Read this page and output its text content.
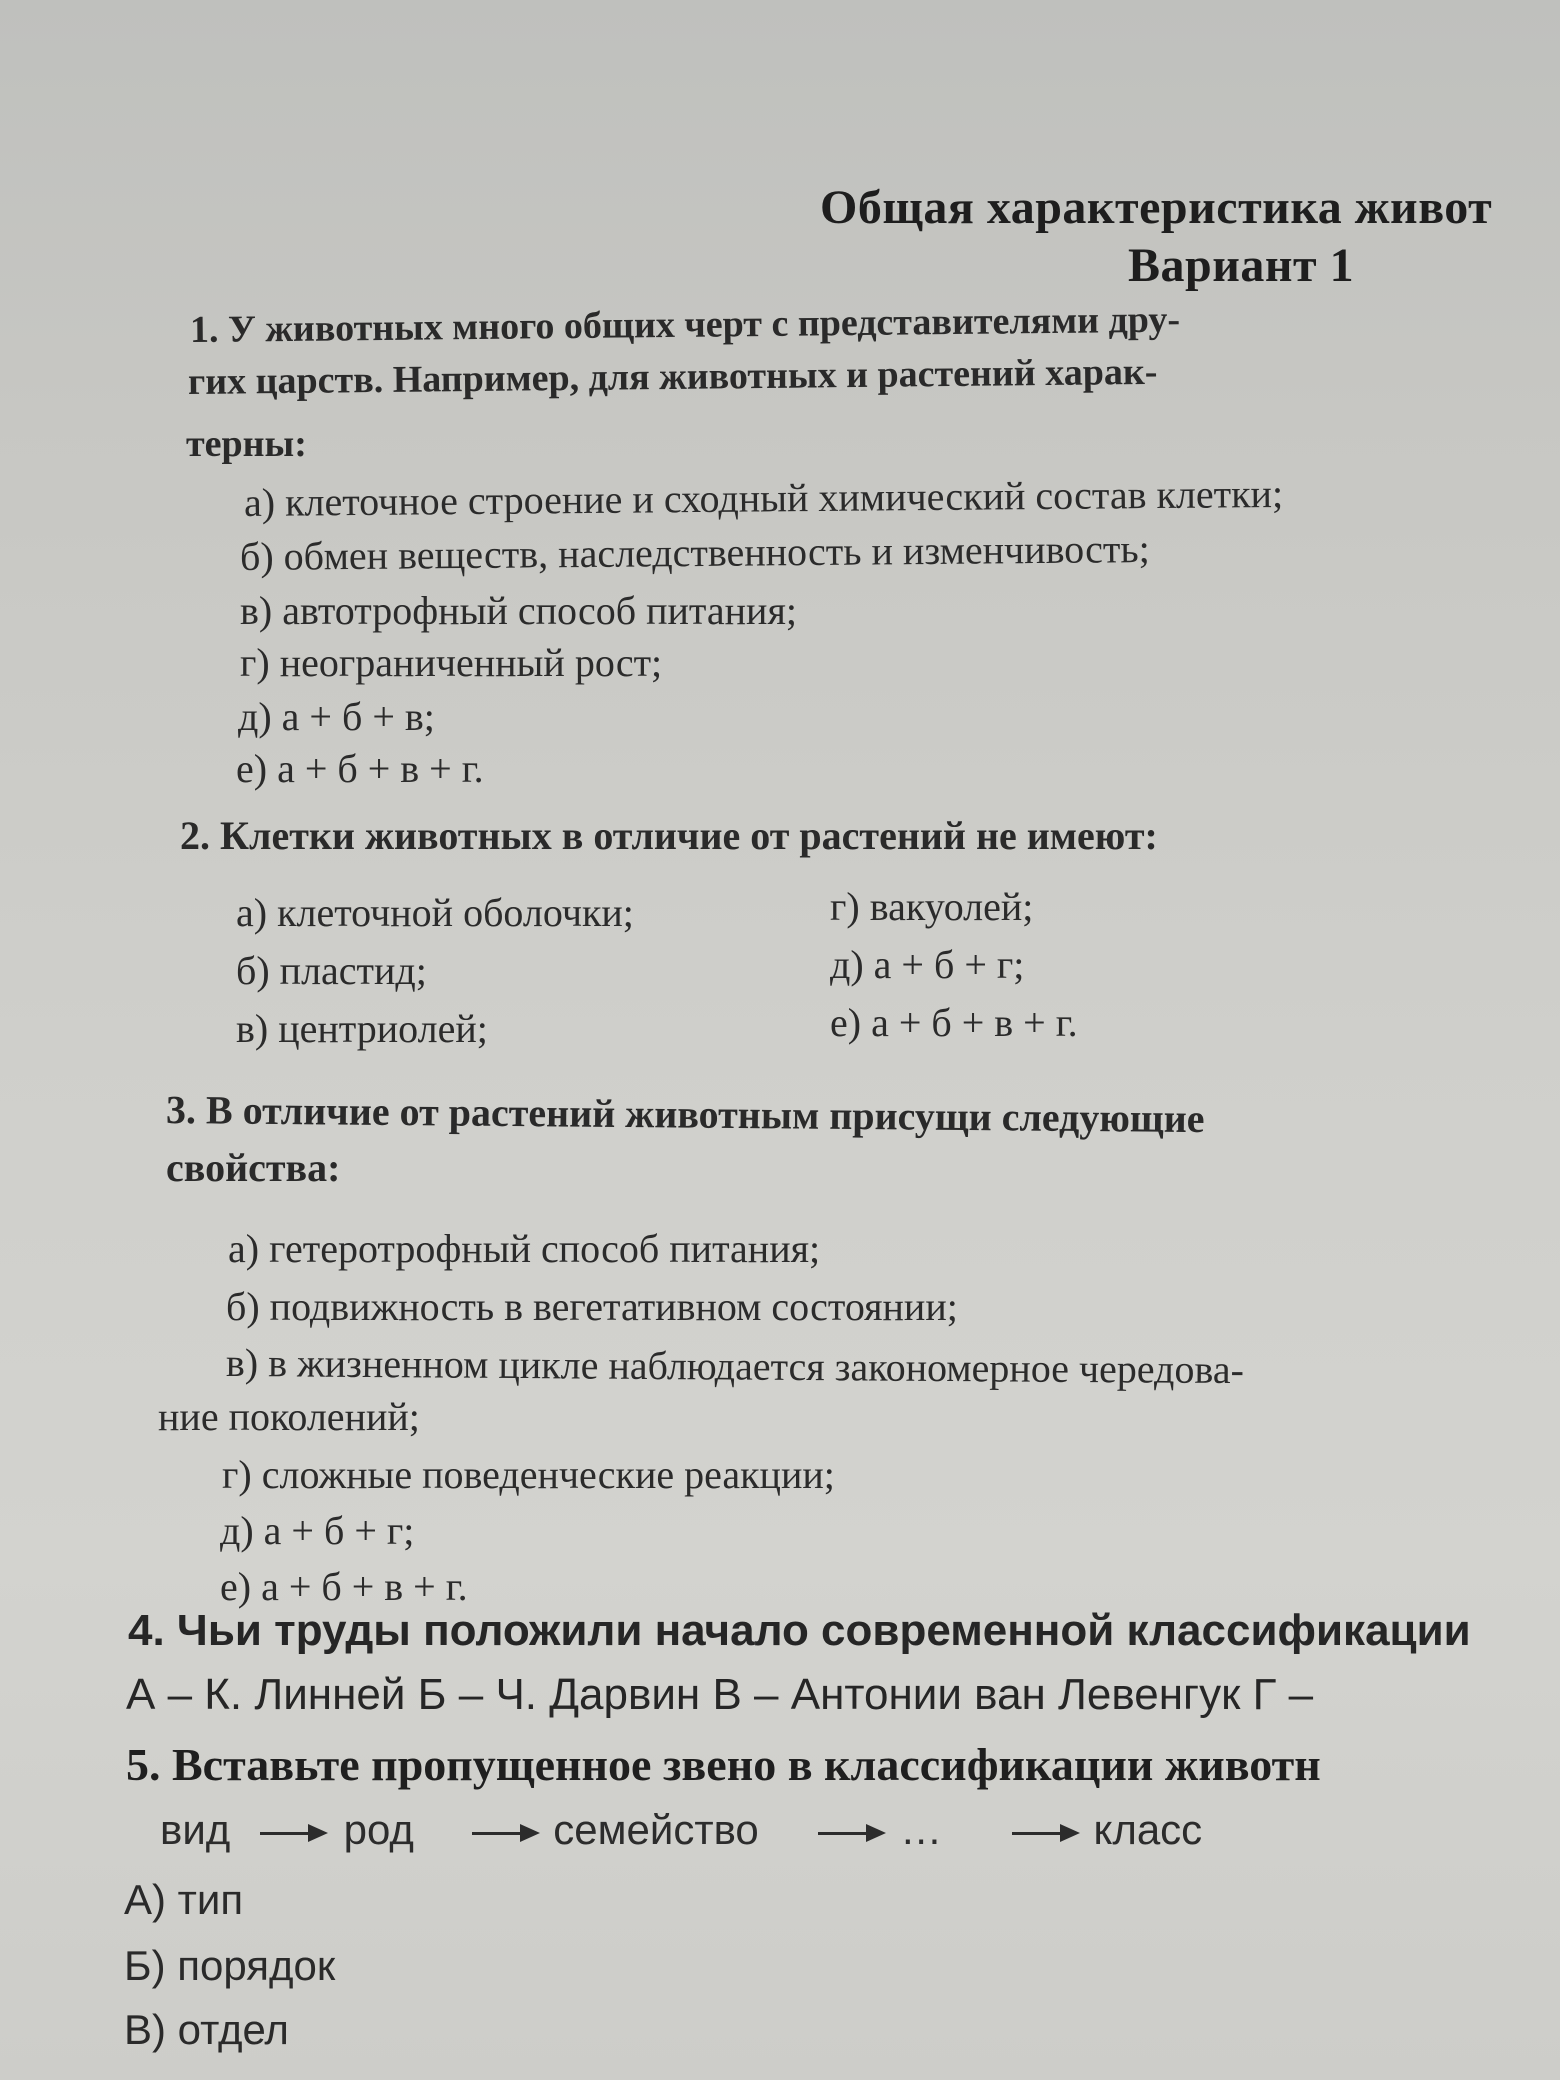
Общая характеристика живот
Вариант 1
1. У животных много общих черт с представителями дру-
гих царств. Например, для животных и растений харак-
терны:
а) клеточное строение и сходный химический состав клетки;
б) обмен веществ, наследственность и изменчивость;
в) автотрофный способ питания;
г) неограниченный рост;
д) а + б + в;
е) а + б + в + г.
2. Клетки животных в отличие от растений не имеют:
а) клеточной оболочки;
б) пластид;
в) центриолей;
г) вакуолей;
д) а + б + г;
е) а + б + в + г.
3. В отличие от растений животным присущи следующие
свойства:
а) гетеротрофный способ питания;
б) подвижность в вегетативном состоянии;
в) в жизненном цикле наблюдается закономерное чередова-
ние поколений;
г) сложные поведенческие реакции;
д) а + б + г;
е) а + б + в + г.
4. Чьи труды положили начало современной классификации
А – К. Линней Б – Ч. Дарвин В – Антонии ван Левенгук Г –
5. Вставьте пропущенное звено в классификации животн
вид	род	семейство	…	класс
А) тип
Б) порядок
В) отдел
